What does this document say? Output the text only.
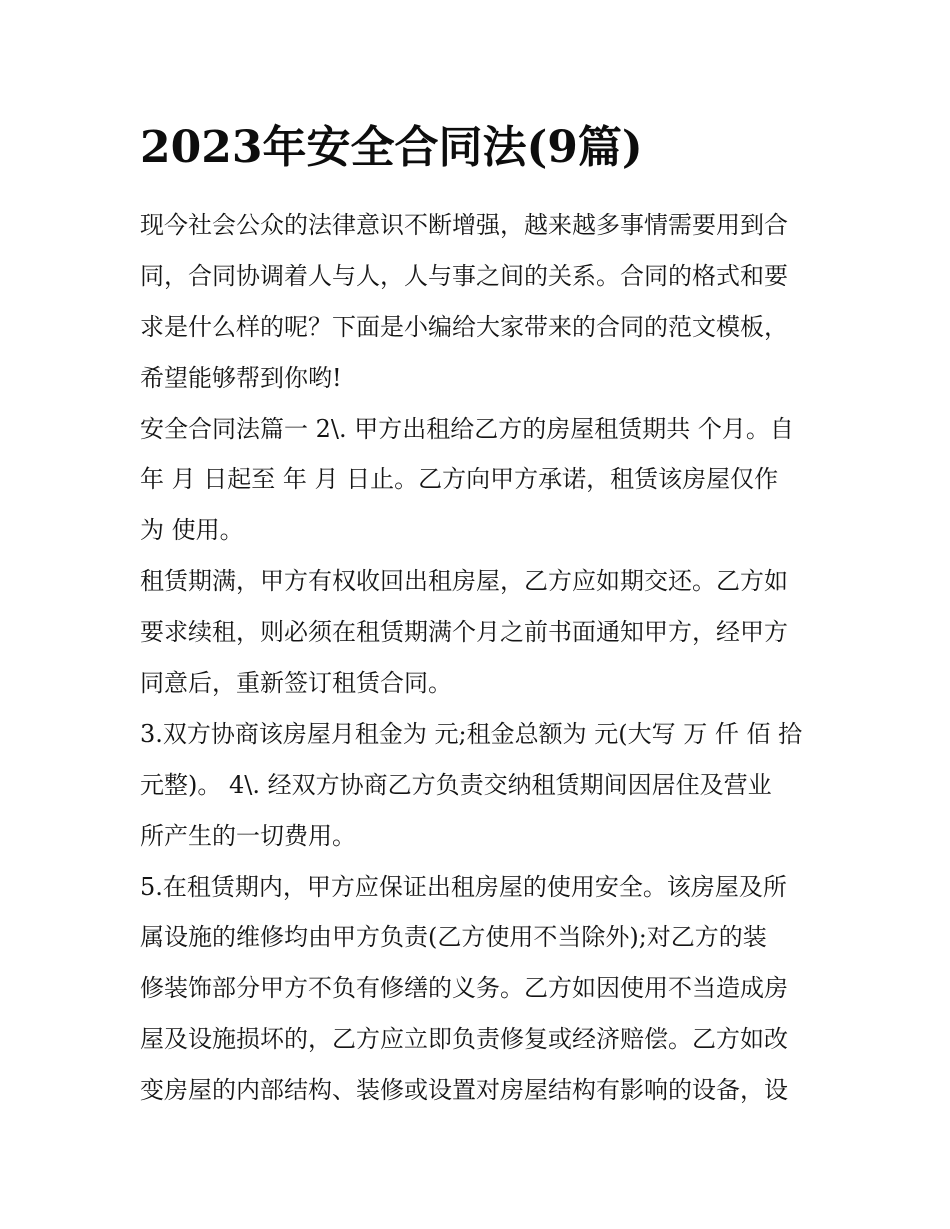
2023年安全合同法(9篇)
现今社会公众的法律意识不断增强，越来越多事情需要用到合
同，合同协调着人与人，人与事之间的关系。合同的格式和要
求是什么样的呢？下面是小编给大家带来的合同的范文模板，
希望能够帮到你哟!
安全合同法篇一 2\. 甲方出租给乙方的房屋租赁期共 个月。自
年 月 日起至 年 月 日止。乙方向甲方承诺，租赁该房屋仅作
为 使用。
租赁期满，甲方有权收回出租房屋，乙方应如期交还。乙方如
要求续租，则必须在租赁期满个月之前书面通知甲方，经甲方
同意后，重新签订租赁合同。
3.双方协商该房屋月租金为 元;租金总额为 元(大写 万 仟 佰 拾
元整)。 4\. 经双方协商乙方负责交纳租赁期间因居住及营业
所产生的一切费用。
5.在租赁期内，甲方应保证出租房屋的使用安全。该房屋及所
属设施的维修均由甲方负责(乙方使用不当除外);对乙方的装
修装饰部分甲方不负有修缮的义务。乙方如因使用不当造成房
屋及设施损坏的，乙方应立即负责修复或经济赔偿。乙方如改
变房屋的内部结构、装修或设置对房屋结构有影响的设备，设
